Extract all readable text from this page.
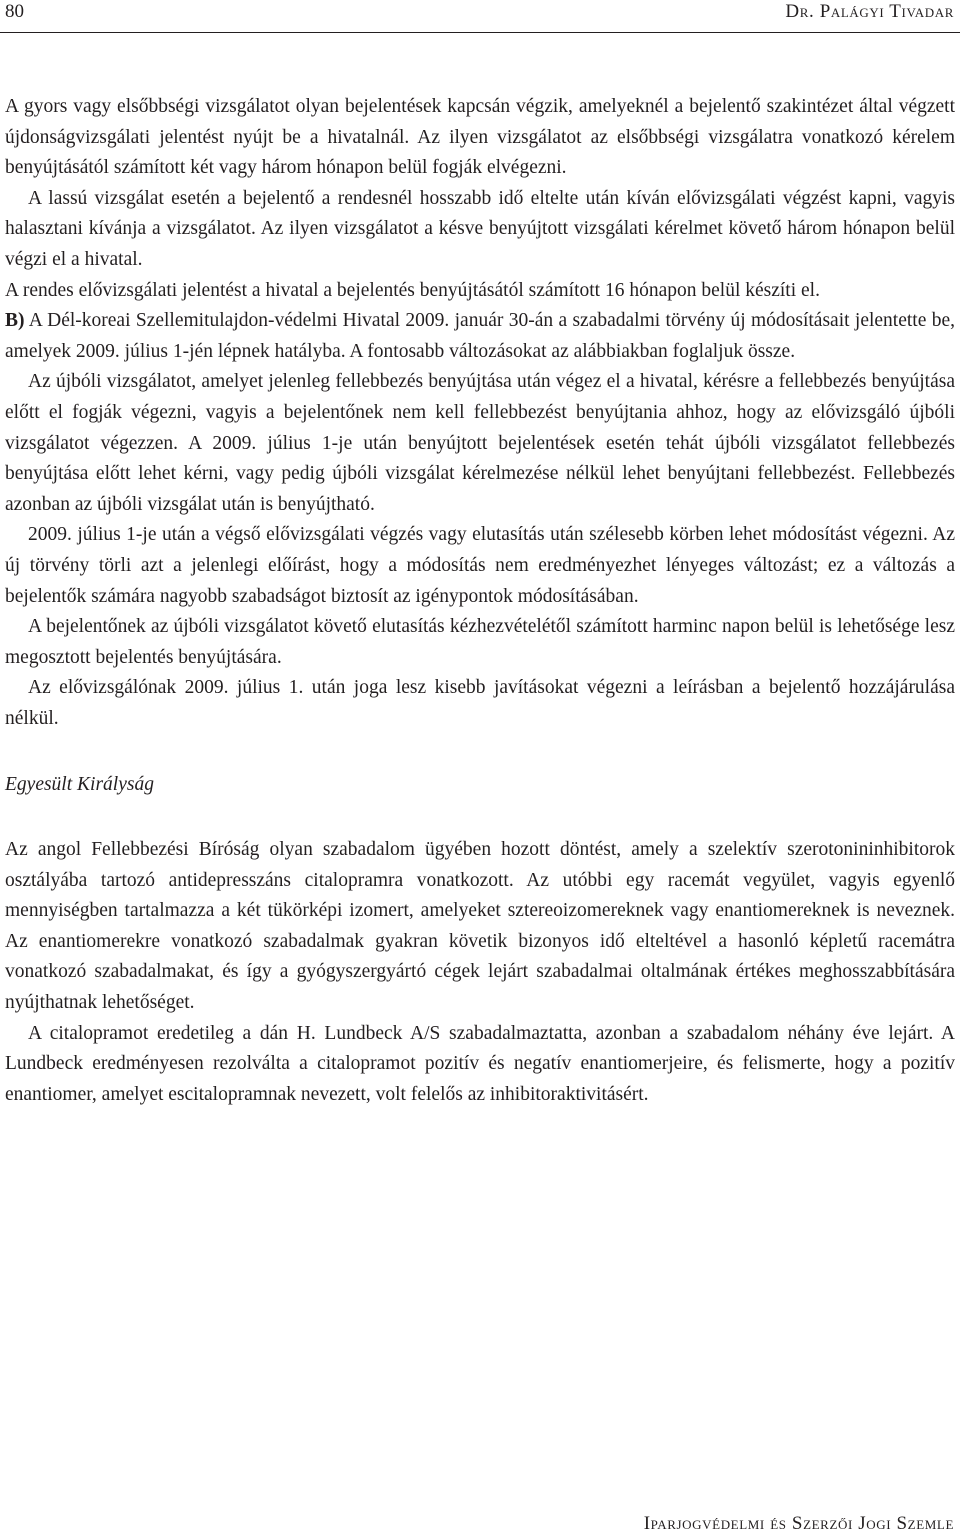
80	Dr. Palágyi Tivadar

A gyors vagy elsőbbségi vizsgálatot olyan bejelentések kapcsán végzik, amelyeknél a bejelentő szakintézet által végzett újdonságvizsgálati jelentést nyújt be a hivatalnál. Az ilyen vizsgálatot az elsőbbségi vizsgálatra vonatkozó kérelem benyújtásától számított két vagy három hónapon belül fogják elvégezni.

A lassú vizsgálat esetén a bejelentő a rendesnél hosszabb idő eltelte után kíván elővizsgálati végzést kapni, vagyis halasztani kívánja a vizsgálatot. Az ilyen vizsgálatot a késve benyújtott vizsgálati kérelmet követő három hónapon belül végzi el a hivatal.

A rendes elővizsgálati jelentést a hivatal a bejelentés benyújtásától számított 16 hónapon belül készíti el.

B) A Dél-koreai Szellemitulajdon-védelmi Hivatal 2009. január 30-án a szabadalmi törvény új módosításait jelentette be, amelyek 2009. július 1-jén lépnek hatályba. A fontosabb változásokat az alábbiakban foglaljuk össze.

Az újbóli vizsgálatot, amelyet jelenleg fellebbezés benyújtása után végez el a hivatal, kérésre a fellebbezés benyújtása előtt el fogják végezni, vagyis a bejelentőnek nem kell fellebbezést benyújtania ahhoz, hogy az elővizsgáló újbóli vizsgálatot végezzen. A 2009. július 1-je után benyújtott bejelentések esetén tehát újbóli vizsgálatot fellebbezés benyújtása előtt lehet kérni, vagy pedig újbóli vizsgálat kérelmezése nélkül lehet benyújtani fellebbezést. Fellebbezés azonban az újbóli vizsgálat után is benyújtható.

2009. július 1-je után a végső elővizsgálati végzés vagy elutasítás után szélesebb körben lehet módosítást végezni. Az új törvény törli azt a jelenlegi előírást, hogy a módosítás nem eredményezhet lényeges változást; ez a változás a bejelentők számára nagyobb szabadságot biztosít az igénypontok módosításában.

A bejelentőnek az újbóli vizsgálatot követő elutasítás kézhezvételétől számított harminc napon belül is lehetősége lesz megosztott bejelentés benyújtására.

Az elővizsgálónak 2009. július 1. után joga lesz kisebb javításokat végezni a leírásban a bejelentő hozzájárulása nélkül.

Egyesült Királyság

Az angol Fellebbezési Bíróság olyan szabadalom ügyében hozott döntést, amely a szelektív szerotonininhibitorok osztályába tartozó antidepresszáns citalopramra vonatkozott. Az utóbbi egy racemát vegyület, vagyis egyenlő mennyiségben tartalmazza a két tükörképi izomert, amelyeket sztereoizomereknek vagy enantiomereknek is neveznek. Az enantiomerekre vonatkozó szabadalmak gyakran követik bizonyos idő elteltével a hasonló képletű racemátra vonatkozó szabadalmakat, és így a gyógyszergyártó cégek lejárt szabadalmai oltalmának értékes meghosszabbítására nyújthatnak lehetőséget.

A citalopramot eredetileg a dán H. Lundbeck A/S szabadalmaztatta, azonban a szabadalom néhány éve lejárt. A Lundbeck eredményesen rezolválta a citalopramot pozitív és negatív enantiomerjeire, és felismerte, hogy a pozitív enantiomer, amelyet escitalopramnak nevezett, volt felelős az inhibitoraktivitásért.

Iparjogvédelmi és Szerzői Jogi Szemle
